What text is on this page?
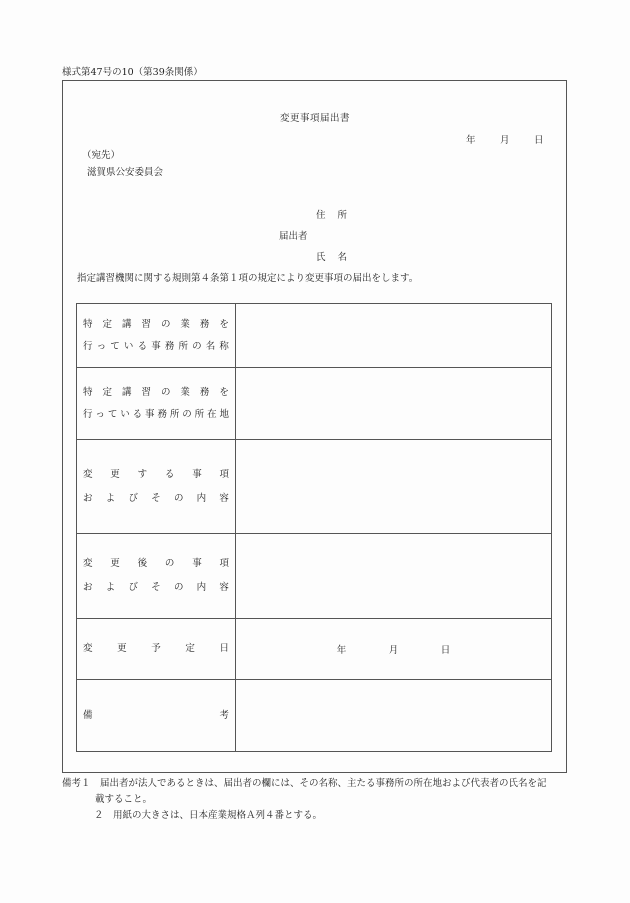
様式第47号の10（第39条関係）
変更事項届出書
年	月	日
（宛先）
滋賀県公安委員会
住 所
届出者
氏 名
指定講習機関に関する規則第４条第１項の規定により変更事項の届出をします。
特 定 講 習 の 業 務 を
行 っ て い る 事 務 所 の 名 称

特 定 講 習 の 業 務 を
行 っ て い る 事 務 所 の 所 在 地

変 更 す る 事 項
お よ び そ の 内 容

変 更 後 の 事 項
お よ び そ の 内 容

変 更 予 定 日	年 月 日

備 考	

備考１　届出者が法人であるときは、届出者の欄には、その名称、主たる事務所の所在地および代表者の氏名を記
載すること。
２　用紙の大きさは、日本産業規格Ａ列４番とする。
